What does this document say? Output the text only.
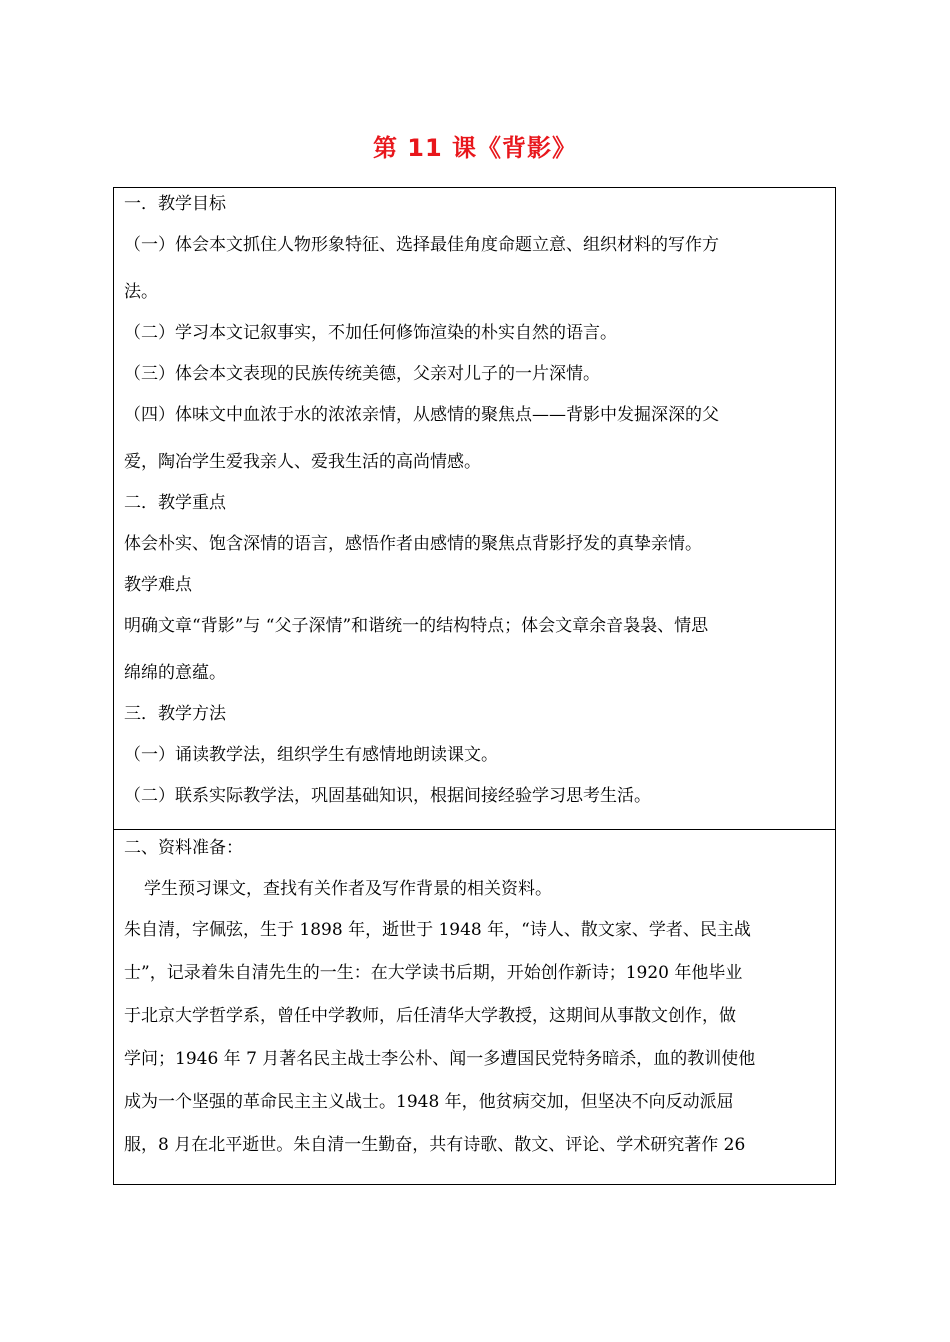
第 11 课《背影》
一．教学目标
（一）体会本文抓住人物形象特征、选择最佳角度命题立意、组织材料的写作方
法。
（二）学习本文记叙事实，不加任何修饰渲染的朴实自然的语言。
（三）体会本文表现的民族传统美德，父亲对儿子的一片深情。
（四）体味文中血浓于水的浓浓亲情，从感情的聚焦点——背影中发掘深深的父
爱，陶冶学生爱我亲人、爱我生活的高尚情感。
二．教学重点
体会朴实、饱含深情的语言，感悟作者由感情的聚焦点背影抒发的真挚亲情。
教学难点
明确文章“背影”与 “父子深情”和谐统一的结构特点；体会文章余音袅袅、情思
绵绵的意蕴。
三．教学方法
（一）诵读教学法，组织学生有感情地朗读课文。
（二）联系实际教学法，巩固基础知识，根据间接经验学习思考生活。

二、资料准备：
学生预习课文，查找有关作者及写作背景的相关资料。
朱自清，字佩弦，生于 1898 年，逝世于 1948 年，“诗人、散文家、学者、民主战
士”，记录着朱自清先生的一生：在大学读书后期，开始创作新诗；1920 年他毕业
于北京大学哲学系，曾任中学教师，后任清华大学教授，这期间从事散文创作，做
学问；1946 年 7 月著名民主战士李公朴、闻一多遭国民党特务暗杀，血的教训使他
成为一个坚强的革命民主主义战士。1948 年，他贫病交加，但坚决不向反动派屈
服，8 月在北平逝世。朱自清一生勤奋，共有诗歌、散文、评论、学术研究著作 26
